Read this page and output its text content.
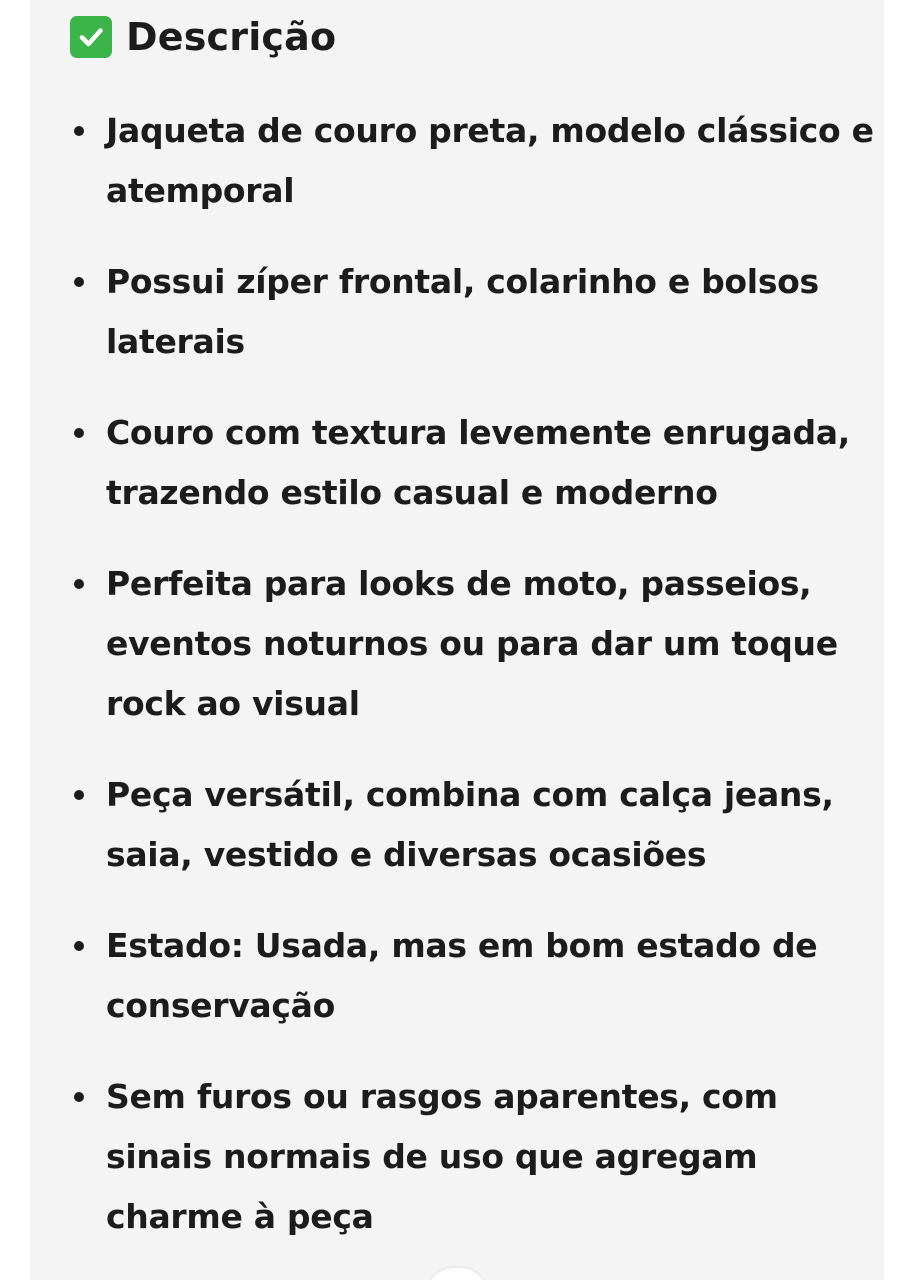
Descrição
Jaqueta de couro preta, modelo clássico e atemporal
Possui zíper frontal, colarinho e bolsos laterais
Couro com textura levemente enrugada, trazendo estilo casual e moderno
Perfeita para looks de moto, passeios, eventos noturnos ou para dar um toque rock ao visual
Peça versátil, combina com calça jeans, saia, vestido e diversas ocasiões
Estado: Usada, mas em bom estado de conservação
Sem furos ou rasgos aparentes, com sinais normais de uso que agregam charme à peça
